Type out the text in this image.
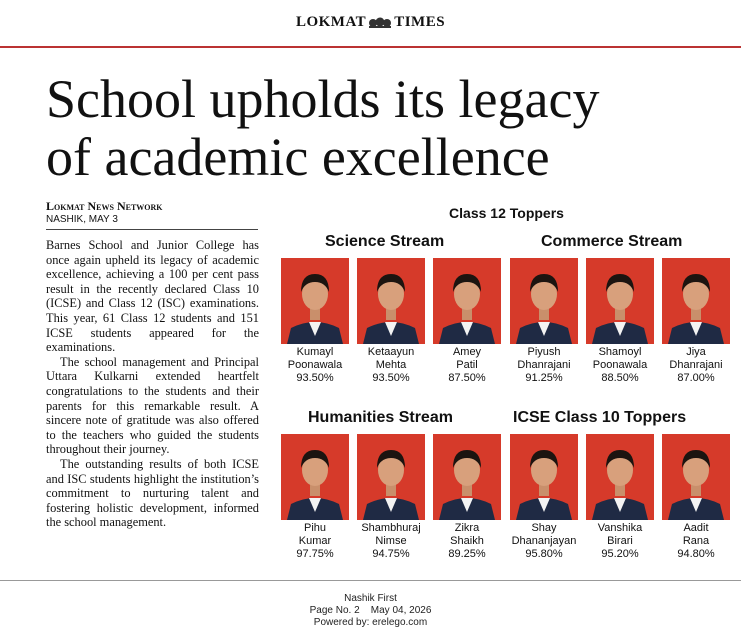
LOKMAT TIMES
School upholds its legacy
of academic excellence
Lokmat News Network
NASHIK, MAY 3

Barnes School and Junior College has once again upheld its legacy of academic excellence, achieving a 100 per cent pass result in the recently declared Class 10 (ICSE) and Class 12 (ISC) examinations. This year, 61 Class 12 students and 151 ICSE students appeared for the examinations.

The school management and Principal Uttara Kulkarni extended heartfelt congratulations to the students and their parents for this remarkable result. A sincere note of gratitude was also offered to the teachers who guided the students throughout their journey.

The outstanding results of both ICSE and ISC students highlight the institution’s commitment to nurturing talent and fostering holistic development, informed the school management.

Class 12 Toppers
Science Stream	Commerce Stream
Humanities Stream	ICSE Class 10 Toppers
Kumayl
Poonawala
93.50%
Ketaayun
Mehta
93.50%
Amey
Patil
87.50%
Piyush
Dhanrajani
91.25%
Shamoyl
Poonawala
88.50%
Jiya
Dhanrajani
87.00%
Pihu
Kumar
97.75%
Shambhuraj
Nimse
94.75%
Zikra
Shaikh
89.25%
Shay
Dhananjayan
95.80%
Vanshika
Birari
95.20%
Aadit
Rana
94.80%
Nashik First
Page No. 2 May 04, 2026
Powered by: erelego.com
